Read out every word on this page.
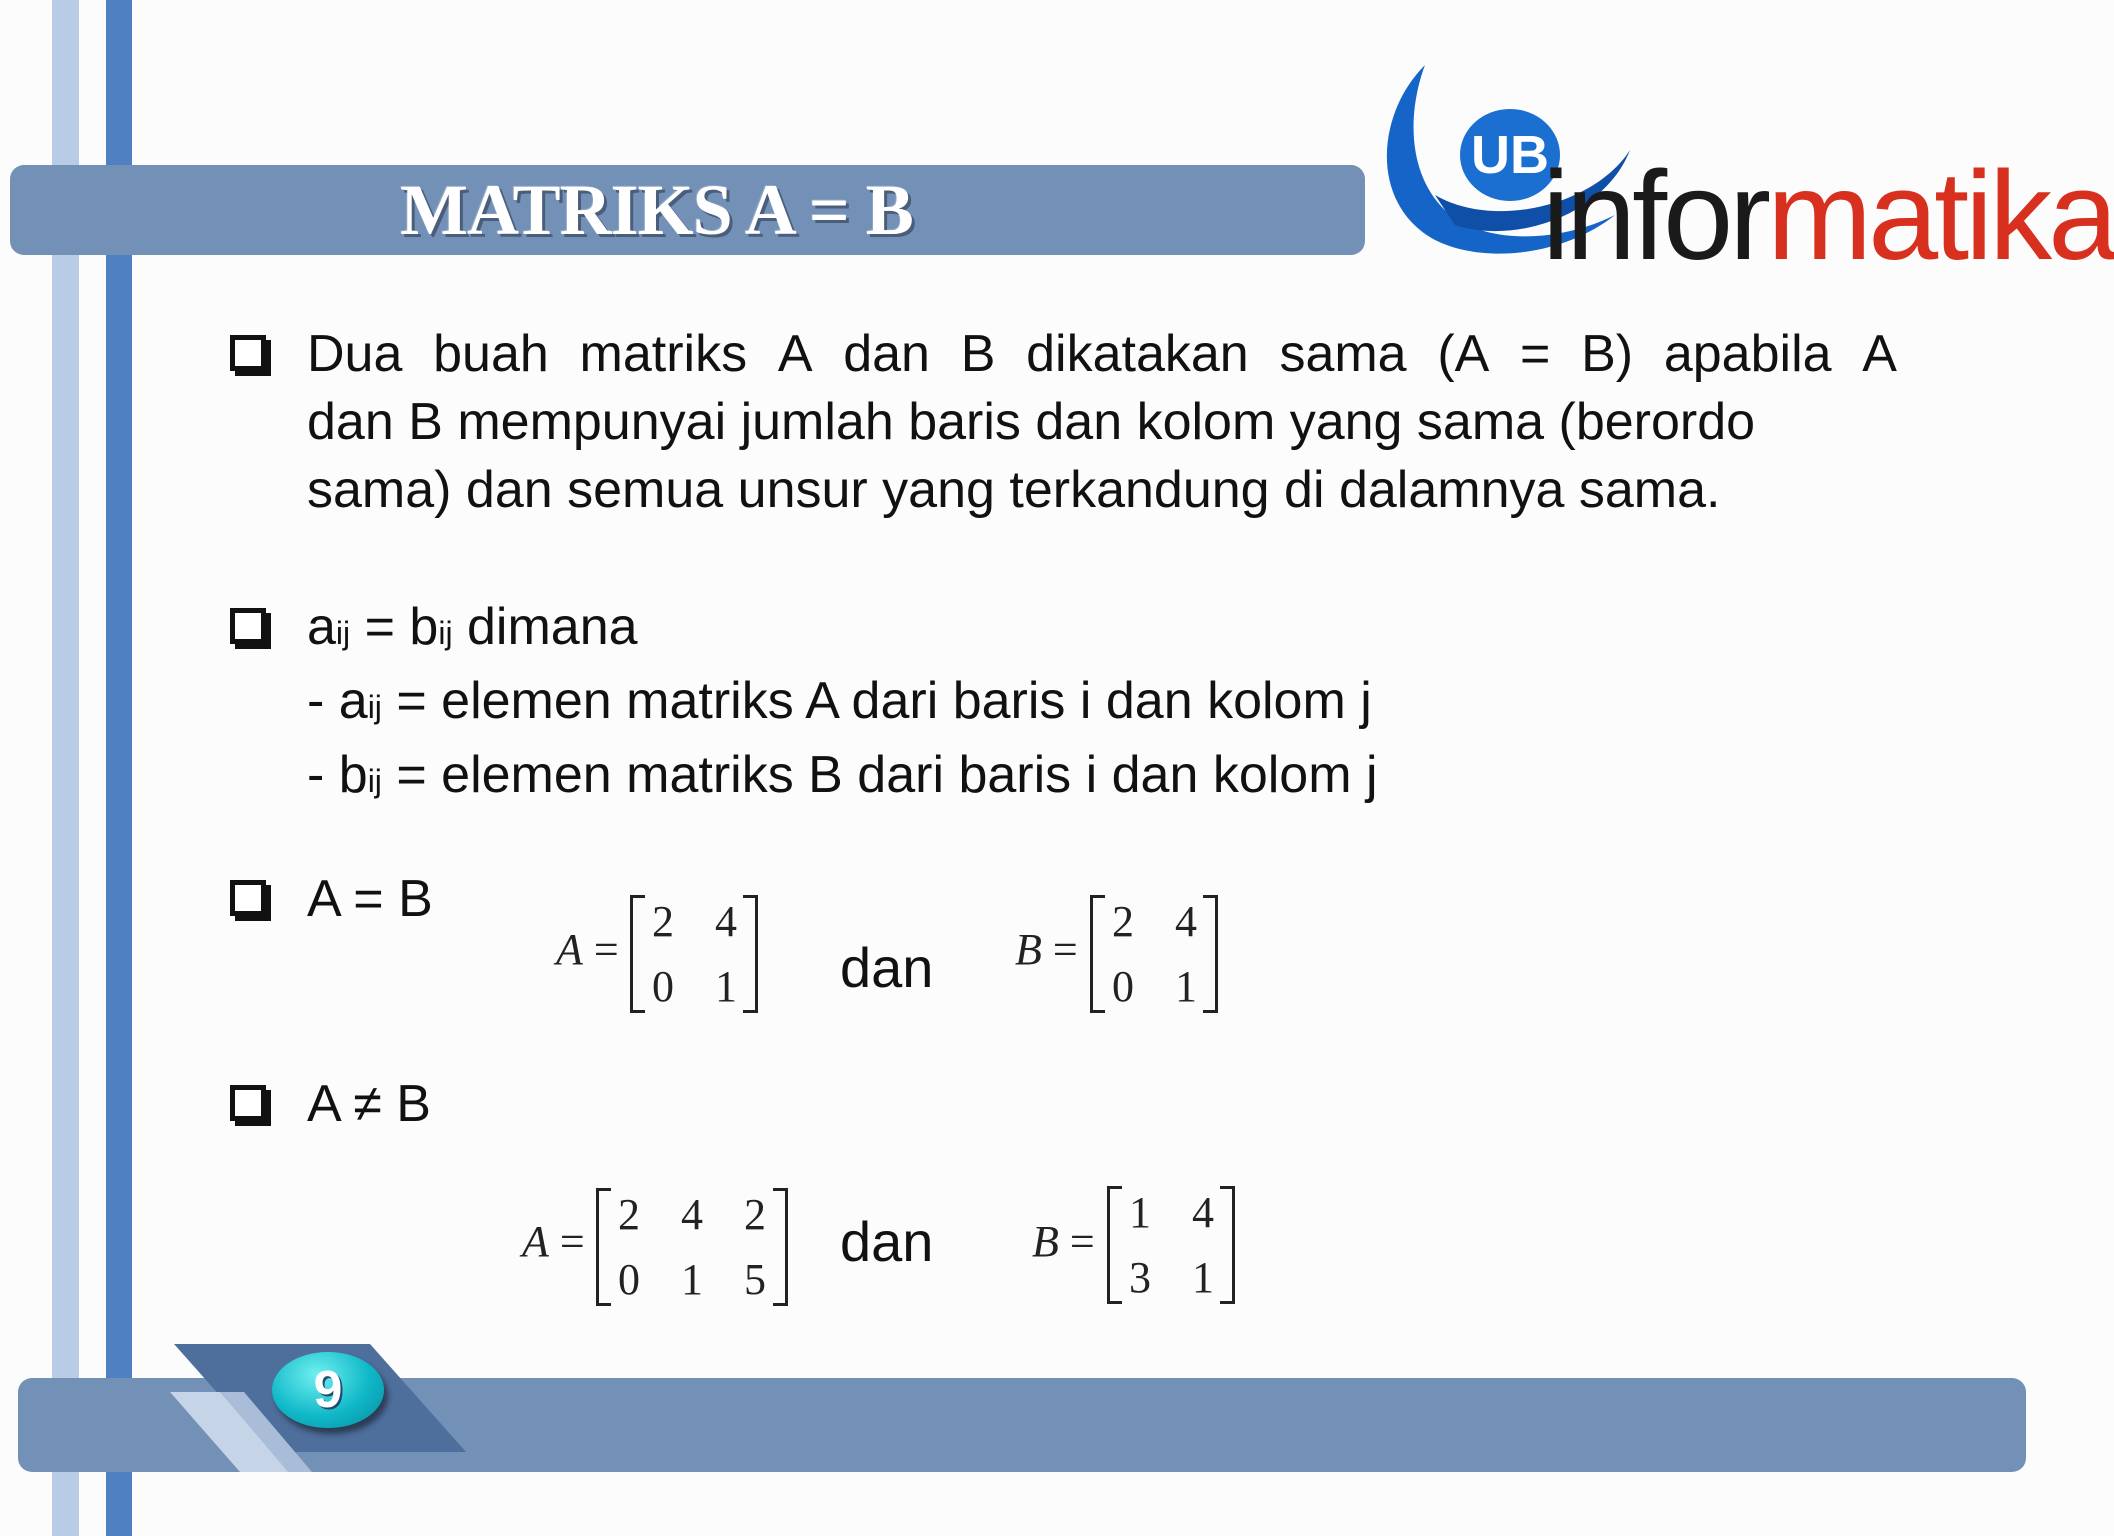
MATRIKS A = B
UB
informatika
Dua buah matriks A dan B dikatakan sama (A = B) apabila A
dan B mempunyai jumlah baris dan kolom yang sama (berordo
sama) dan semua unsur yang terkandung di dalamnya sama.
aij = bij dimana
- aij = elemen matriks A dari baris i dan kolom j
- bij = elemen matriks B dari baris i dan kolom j
A = B
A =
2 4
0 1 dan B =
2 4
0 1
A ≠ B
A =
2 4 2
0 1 5
dan B =
1 4
3 1
9
